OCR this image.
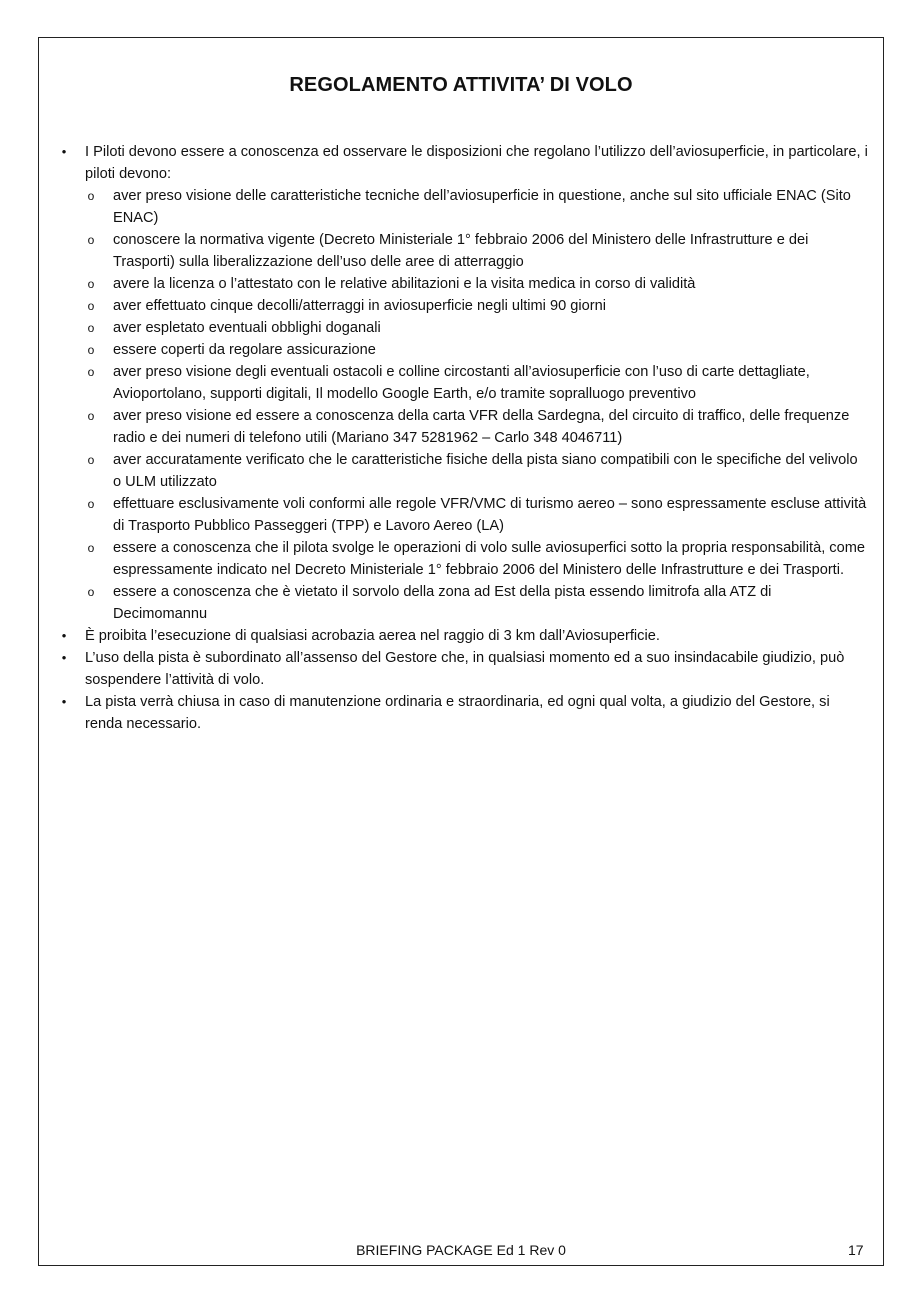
REGOLAMENTO ATTIVITA’ DI VOLO
• I Piloti devono essere a conoscenza ed osservare le disposizioni che regolano l’utilizzo dell’aviosuperficie, in particolare, i piloti devono:
o aver preso visione delle caratteristiche tecniche dell’aviosuperficie in questione, anche sul sito ufficiale ENAC (Sito ENAC)
o conoscere la normativa vigente (Decreto Ministeriale 1° febbraio 2006 del Ministero delle Infrastrutture e dei Trasporti) sulla liberalizzazione dell’uso delle aree di atterraggio
o avere la licenza o l’attestato con le relative abilitazioni e la visita medica in corso di validità
o aver effettuato cinque decolli/atterraggi in aviosuperficie negli ultimi 90 giorni
o aver espletato eventuali obblighi doganali
o essere coperti da regolare assicurazione
o aver preso visione degli eventuali ostacoli e colline circostanti all’aviosuperficie con l’uso di carte dettagliate, Avioportolano, supporti digitali, Il modello Google Earth, e/o tramite sopralluogo preventivo
o aver preso visione ed essere a conoscenza della carta VFR della Sardegna, del circuito di traffico, delle frequenze radio e dei numeri di telefono utili (Mariano 347 5281962 – Carlo 348 4046711)
o aver accuratamente verificato che le caratteristiche fisiche della pista siano compatibili con le specifiche del velivolo o ULM utilizzato
o effettuare esclusivamente voli conformi alle regole VFR/VMC di turismo aereo – sono espressamente escluse attività di Trasporto Pubblico Passeggeri (TPP) e Lavoro Aereo (LA)
o essere a conoscenza che il pilota svolge le operazioni di volo sulle aviosuperfici sotto la propria responsabilità, come espressamente indicato nel Decreto Ministeriale 1° febbraio 2006 del Ministero delle Infrastrutture e dei Trasporti.
o essere a conoscenza che è vietato il sorvolo della zona ad Est della pista essendo limitrofa alla ATZ di Decimomannu
• È proibita l’esecuzione di qualsiasi acrobazia aerea nel raggio di 3 km dall’Aviosuperficie.
• L’uso della pista è subordinato all’assenso del Gestore che, in qualsiasi momento ed a suo insindacabile giudizio, può sospendere l’attività di volo.
• La pista verrà chiusa in caso di manutenzione ordinaria e straordinaria, ed ogni qual volta, a giudizio del Gestore, si renda necessario.
BRIEFING PACKAGE Ed 1 Rev 0	17
